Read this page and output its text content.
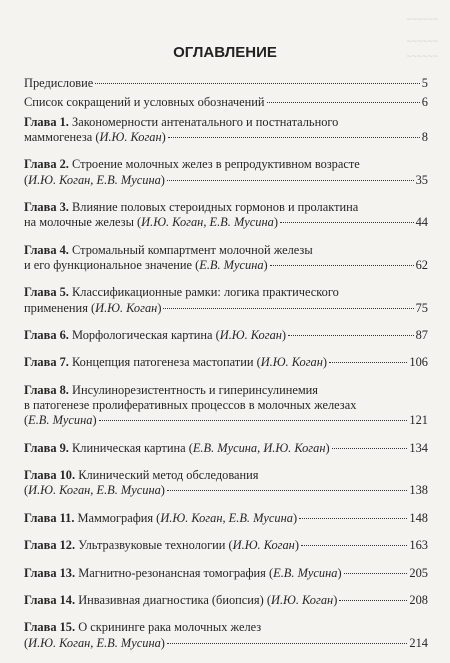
~~~~~~
~~~~~~
~~~~~~
ОГЛАВЛЕНИЕ
Предисловие	5
Список сокращений и условных обозначений	6
Глава 1. Закономерности антенатального и постнатального
маммогенеза (И.Ю. Коган)	8
Глава 2. Строение молочных желез в репродуктивном возрасте
(И.Ю. Коган, Е.В. Мусина)	35
Глава 3. Влияние половых стероидных гормонов и пролактина
на молочные железы (И.Ю. Коган, Е.В. Мусина)	44
Глава 4. Стромальный компартмент молочной железы
и его функциональное значение (Е.В. Мусина)	62
Глава 5. Классификационные рамки: логика практического
применения (И.Ю. Коган)	75
Глава 6. Морфологическая картина (И.Ю. Коган)	87
Глава 7. Концепция патогенеза мастопатии (И.Ю. Коган)	106
Глава 8. Инсулинорезистентность и гиперинсулинемия
в патогенезе пролиферативных процессов в молочных железах
(Е.В. Мусина)	121
Глава 9. Клиническая картина (Е.В. Мусина, И.Ю. Коган)	134
Глава 10. Клинический метод обследования
(И.Ю. Коган, Е.В. Мусина)	138
Глава 11. Маммография (И.Ю. Коган, Е.В. Мусина)	148
Глава 12. Ультразвуковые технологии (И.Ю. Коган)	163
Глава 13. Магнитно-резонансная томография (Е.В. Мусина)	205
Глава 14. Инвазивная диагностика (биопсия) (И.Ю. Коган)	208
Глава 15. О скрининге рака молочных желез
(И.Ю. Коган, Е.В. Мусина)	214
